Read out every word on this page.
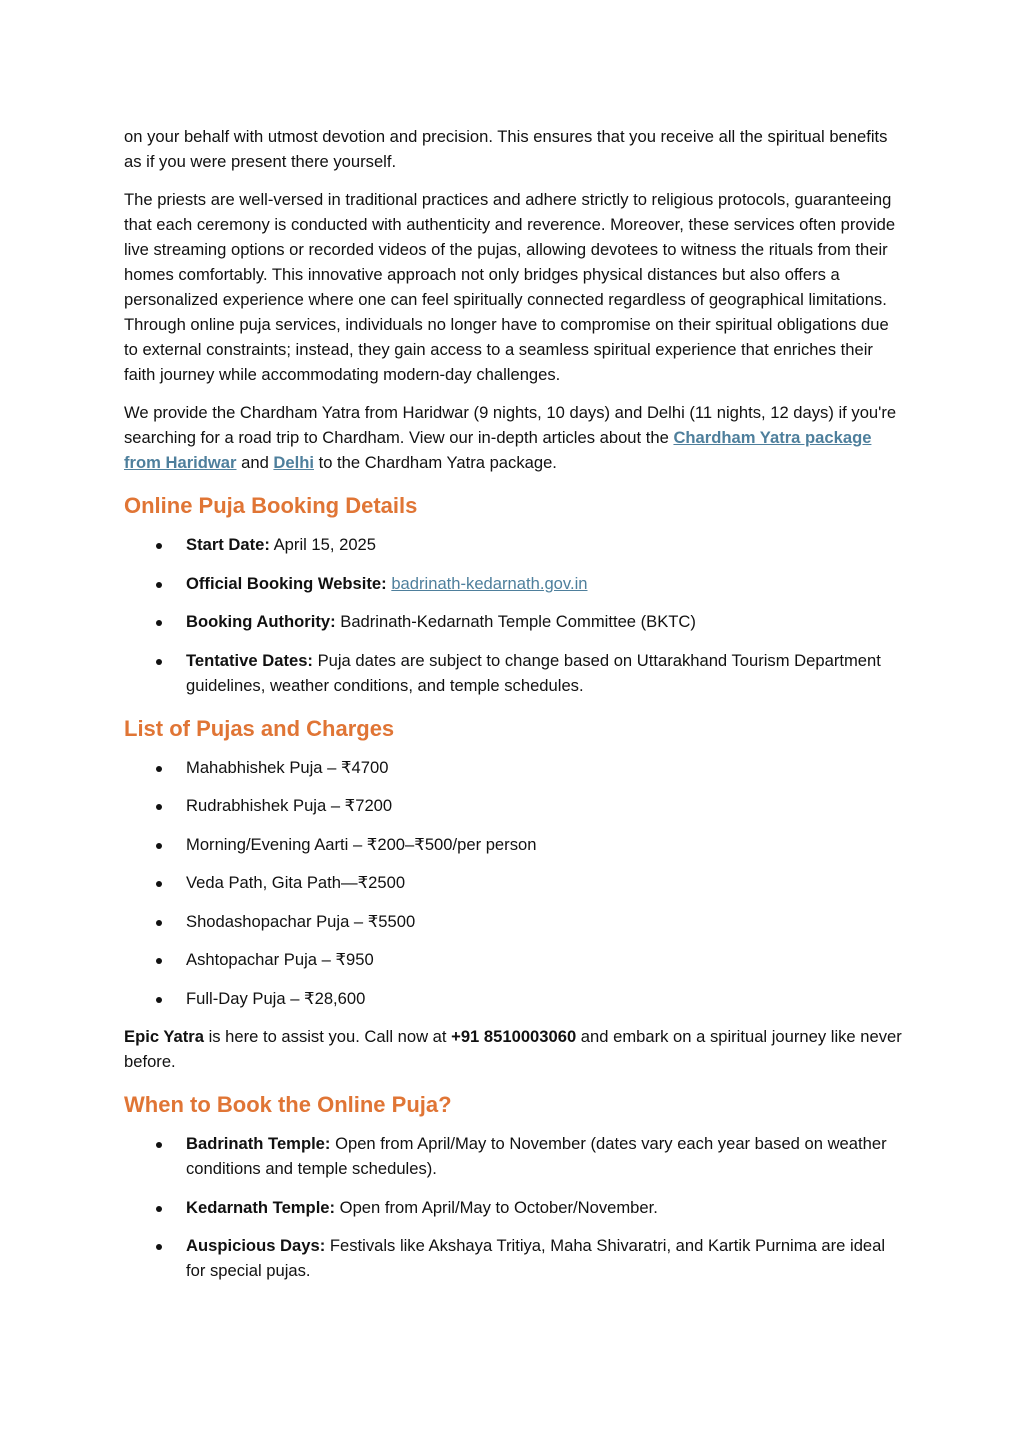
on your behalf with utmost devotion and precision. This ensures that you receive all the spiritual benefits as if you were present there yourself.

The priests are well-versed in traditional practices and adhere strictly to religious protocols, guaranteeing that each ceremony is conducted with authenticity and reverence. Moreover, these services often provide live streaming options or recorded videos of the pujas, allowing devotees to witness the rituals from their homes comfortably. This innovative approach not only bridges physical distances but also offers a personalized experience where one can feel spiritually connected regardless of geographical limitations. Through online puja services, individuals no longer have to compromise on their spiritual obligations due to external constraints; instead, they gain access to a seamless spiritual experience that enriches their faith journey while accommodating modern-day challenges.

We provide the Chardham Yatra from Haridwar (9 nights, 10 days) and Delhi (11 nights, 12 days) if you're searching for a road trip to Chardham. View our in-depth articles about the Chardham Yatra package from Haridwar and Delhi to the Chardham Yatra package.

Online Puja Booking Details
Start Date: April 15, 2025
Official Booking Website: badrinath-kedarnath.gov.in
Booking Authority: Badrinath-Kedarnath Temple Committee (BKTC)
Tentative Dates: Puja dates are subject to change based on Uttarakhand Tourism Department guidelines, weather conditions, and temple schedules.
List of Pujas and Charges
Mahabhishek Puja – ₹4700
Rudrabhishek Puja – ₹7200
Morning/Evening Aarti – ₹200–₹500/per person
Veda Path, Gita Path—₹2500
Shodashopachar Puja – ₹5500
Ashtopachar Puja – ₹950
Full-Day Puja – ₹28,600

Epic Yatra is here to assist you. Call now at +91 8510003060 and embark on a spiritual journey like never before.

When to Book the Online Puja?
Badrinath Temple: Open from April/May to November (dates vary each year based on weather conditions and temple schedules).
Kedarnath Temple: Open from April/May to October/November.
Auspicious Days: Festivals like Akshaya Tritiya, Maha Shivaratri, and Kartik Purnima are ideal for special pujas.
